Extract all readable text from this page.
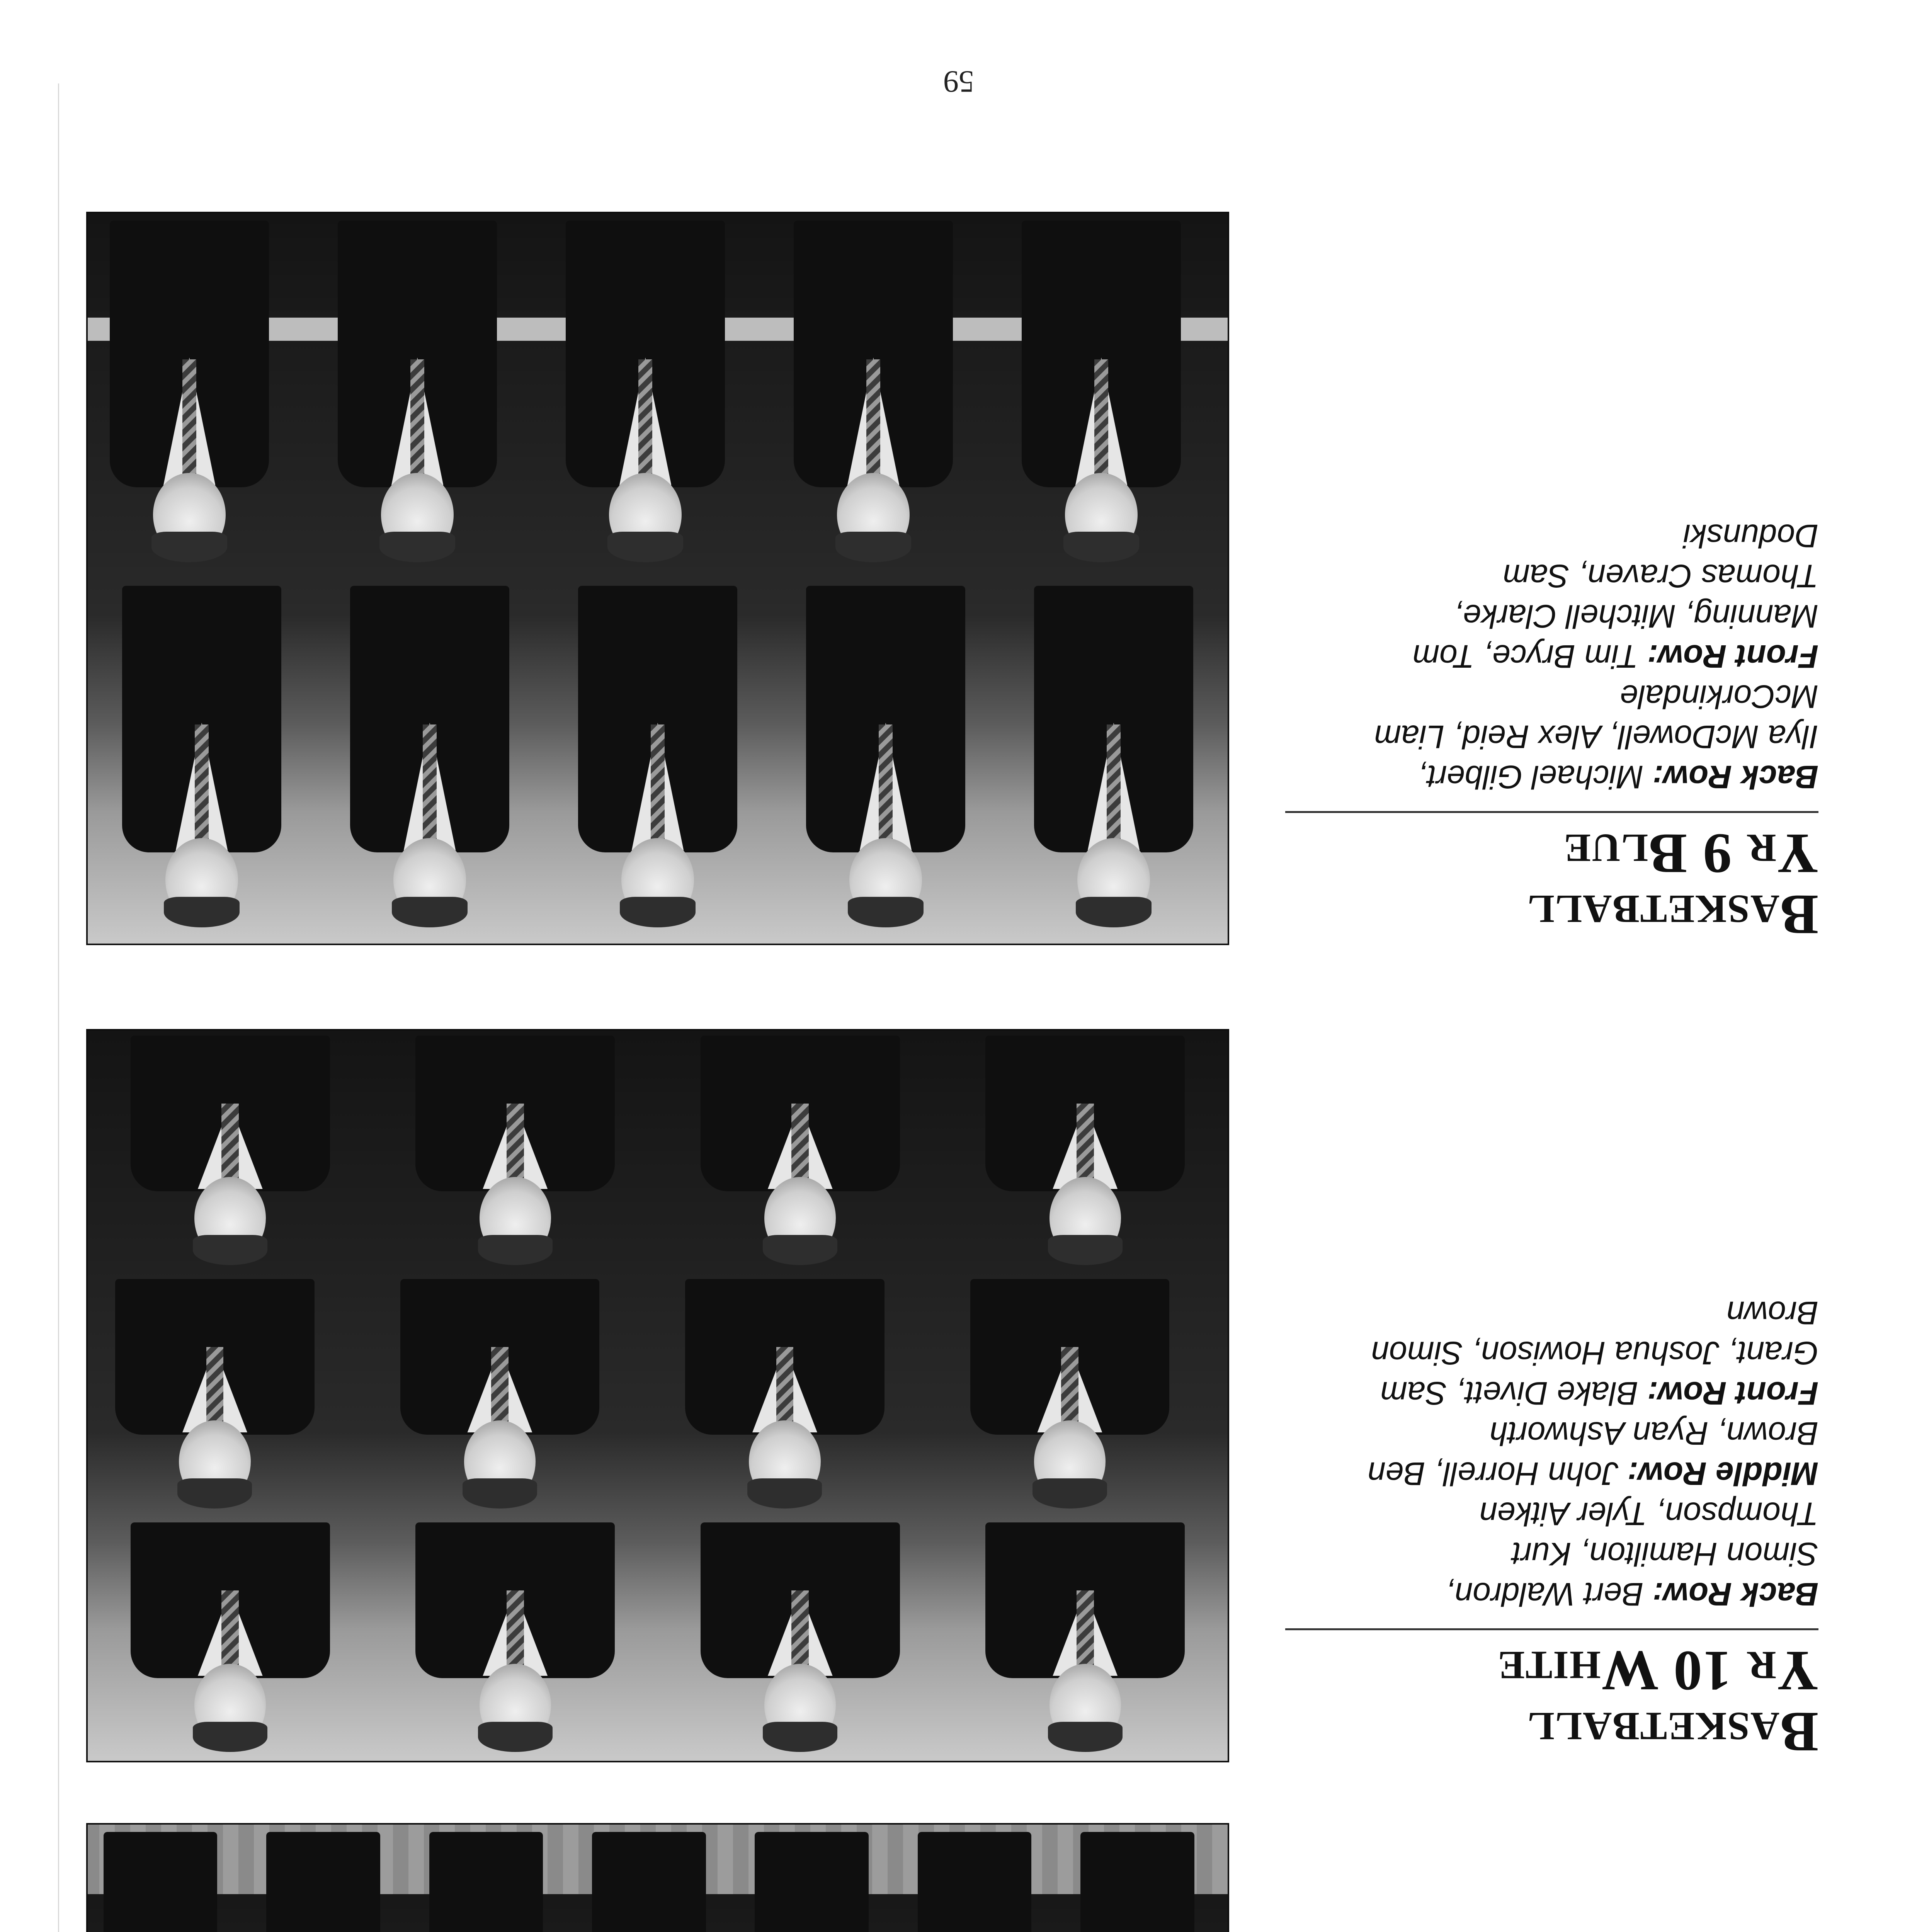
Basketball
Yr 10 White

Back Row: Bert Waldron, Simon Hamilton, Kurt Thompson, Tyler Aitken

Middle Row: John Horrell, Ben Brown, Ryan Ashworth

Front Row: Blake Divett, Sam Grant, Joshua Howison, Simon Brown

Basketball
Yr 9 Blue

Back Row: Michael Gilbert, Ilya McDowell, Alex Reid, Liam McCorkindale

Front Row: Tim Bryce, Tom Manning, Mitchell Clarke, Thomas Craven, Sam Dodunski

59
